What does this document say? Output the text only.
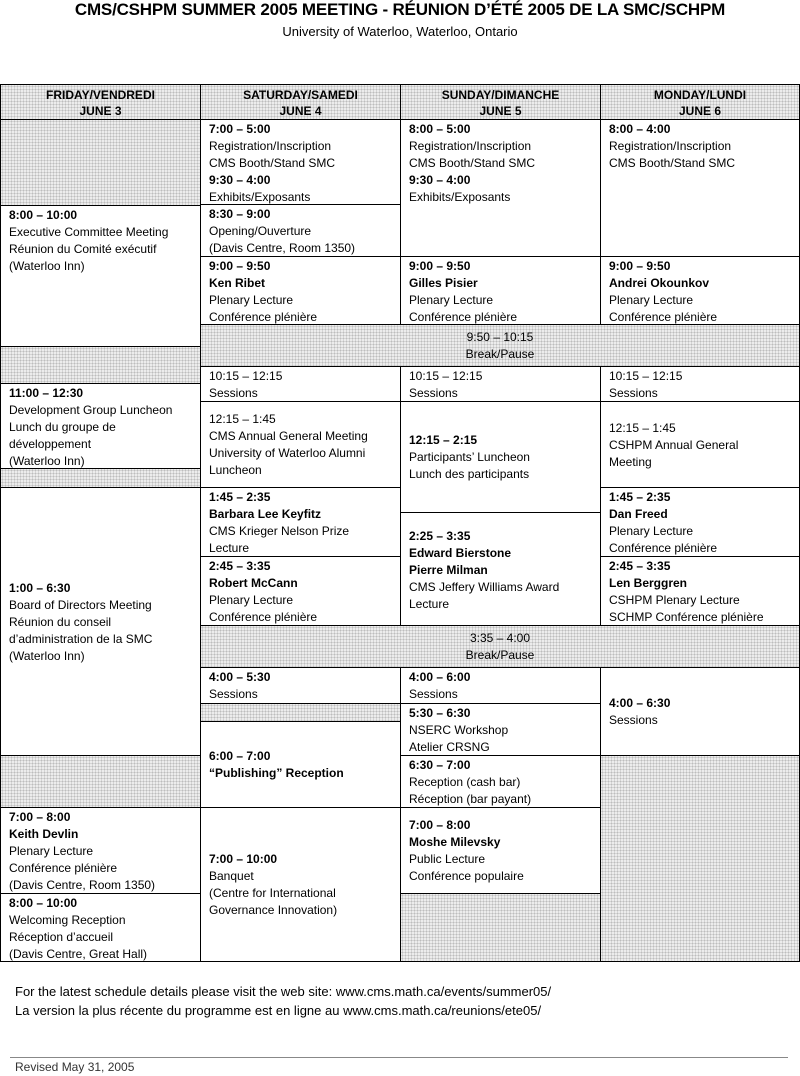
CMS/CSHPM SUMMER 2005 MEETING - RÉUNION D’ÉTÉ 2005 DE LA SMC/SCHPM
University of Waterloo, Waterloo, Ontario
FRIDAY/VENDREDI
JUNE 3
SATURDAY/SAMEDI
JUNE 4
SUNDAY/DIMANCHE
JUNE 5
MONDAY/LUNDI
JUNE 6
8:00 – 10:00
Executive Committee Meeting
Réunion du Comité exécutif
(Waterloo Inn)
11:00 – 12:30
Development Group Luncheon
Lunch du groupe de
développement
(Waterloo Inn)
1:00 – 6:30
Board of Directors Meeting
Réunion du conseil
d’administration de la SMC
(Waterloo Inn)
7:00 – 8:00
Keith Devlin
Plenary Lecture
Conférence plénière
(Davis Centre, Room 1350)
8:00 – 10:00
Welcoming Reception
Réception d’accueil
(Davis Centre, Great Hall)
7:00 – 5:00
Registration/Inscription
CMS Booth/Stand SMC
9:30 – 4:00
Exhibits/Exposants
8:30 – 9:00
Opening/Ouverture
(Davis Centre, Room 1350)
9:00 – 9:50
Ken Ribet
Plenary Lecture
Conférence plénière
10:15 – 12:15
Sessions
12:15 – 1:45
CMS Annual General Meeting
University of Waterloo Alumni
Luncheon
1:45 – 2:35
Barbara Lee Keyfitz
CMS Krieger Nelson Prize
Lecture
2:45 – 3:35
Robert McCann
Plenary Lecture
Conférence plénière
4:00 – 5:30
Sessions
6:00 – 7:00
“Publishing” Reception
7:00 – 10:00
Banquet
(Centre for International
Governance Innovation)
8:00 – 5:00
Registration/Inscription
CMS Booth/Stand SMC
9:30 – 4:00
Exhibits/Exposants
9:00 – 9:50
Gilles Pisier
Plenary Lecture
Conférence plénière
10:15 – 12:15
Sessions
12:15 – 2:15
Participants’ Luncheon
Lunch des participants
2:25 – 3:35
Edward Bierstone
Pierre Milman
CMS Jeffery Williams Award
Lecture
4:00 – 6:00
Sessions
5:30 – 6:30
NSERC Workshop
Atelier CRSNG
6:30 – 7:00
Reception (cash bar)
Réception (bar payant)
7:00 – 8:00
Moshe Milevsky
Public Lecture
Conférence populaire
8:00 – 4:00
Registration/Inscription
CMS Booth/Stand SMC
9:00 – 9:50
Andrei Okounkov
Plenary Lecture
Conférence plénière
10:15 – 12:15
Sessions
12:15 – 1:45
CSHPM Annual General
Meeting
1:45 – 2:35
Dan Freed
Plenary Lecture
Conférence plénière
2:45 – 3:35
Len Berggren
CSHPM Plenary Lecture
SCHMP Conférence plénière
4:00 – 6:30
Sessions
9:50 – 10:15
Break/Pause
3:35 – 4:00
Break/Pause
For the latest schedule details please visit the web site: www.cms.math.ca/events/summer05/
La version la plus récente du programme est en ligne au www.cms.math.ca/reunions/ete05/
Revised May 31, 2005
